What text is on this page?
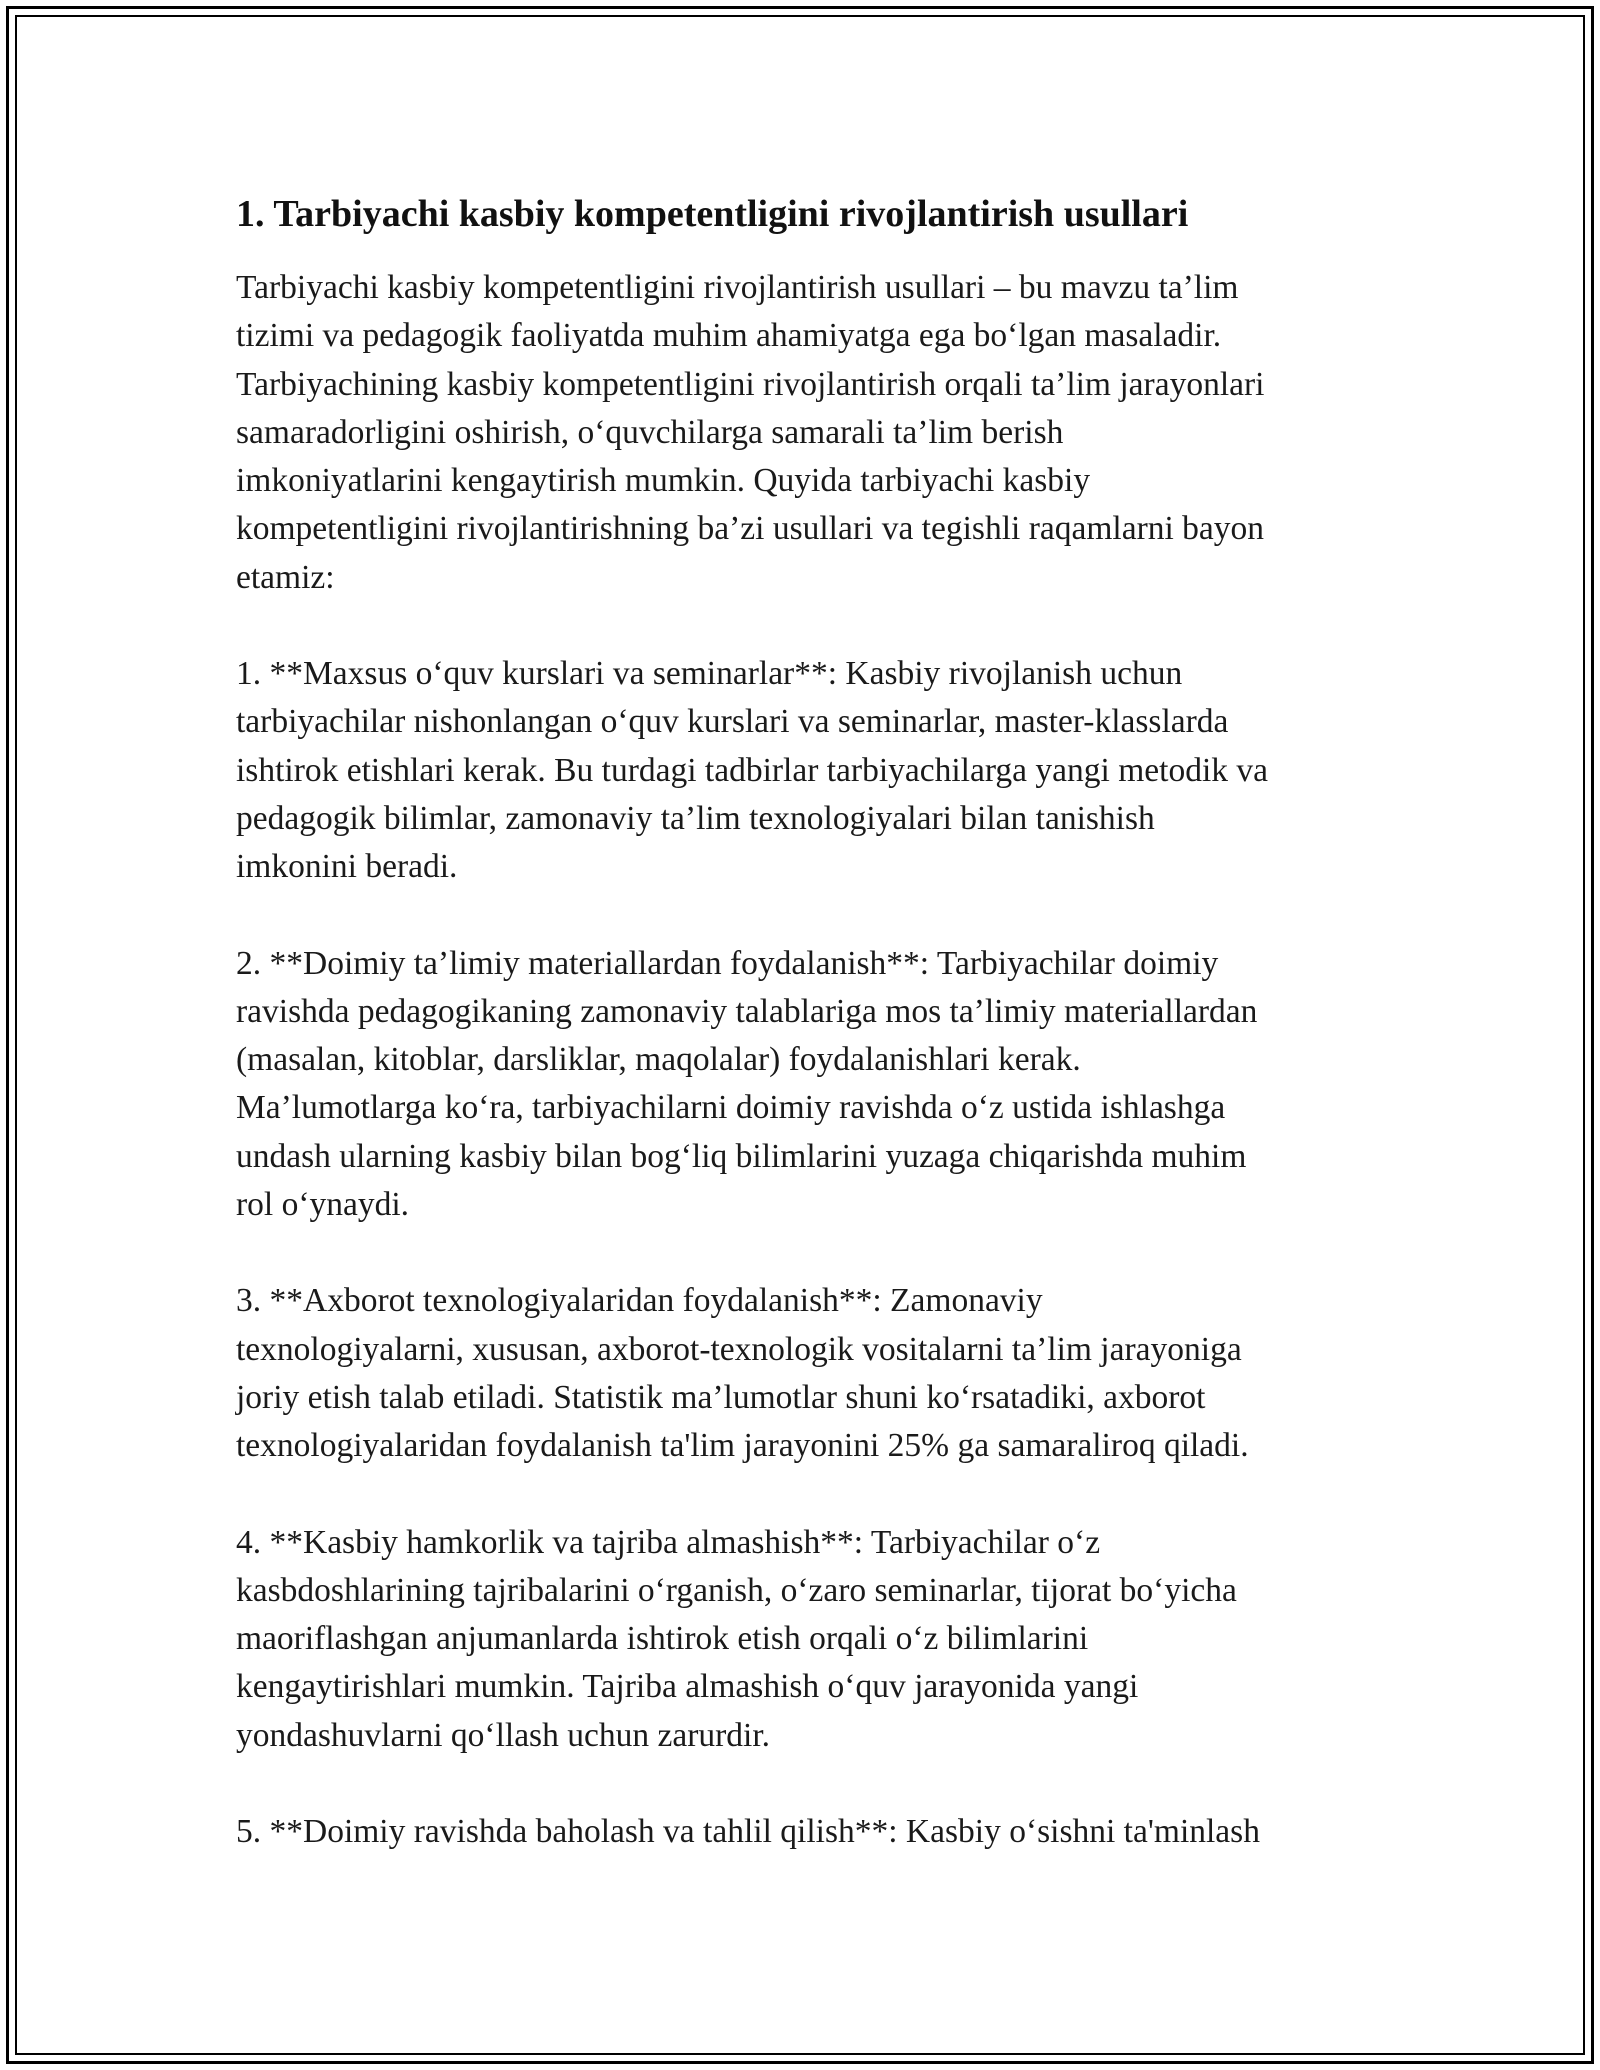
1. Tarbiyachi kasbiy kompetentligini rivojlantirish usullari

Tarbiyachi kasbiy kompetentligini rivojlantirish usullari – bu mavzu ta’lim
tizimi va pedagogik faoliyatda muhim ahamiyatga ega bo‘lgan masaladir.
Tarbiyachining kasbiy kompetentligini rivojlantirish orqali ta’lim jarayonlari
samaradorligini oshirish, o‘quvchilarga samarali ta’lim berish
imkoniyatlarini kengaytirish mumkin. Quyida tarbiyachi kasbiy
kompetentligini rivojlantirishning ba’zi usullari va tegishli raqamlarni bayon
etamiz:

1. **Maxsus o‘quv kurslari va seminarlar**: Kasbiy rivojlanish uchun
tarbiyachilar nishonlangan o‘quv kurslari va seminarlar, master-klasslarda
ishtirok etishlari kerak. Bu turdagi tadbirlar tarbiyachilarga yangi metodik va
pedagogik bilimlar, zamonaviy ta’lim texnologiyalari bilan tanishish
imkonini beradi.

2. **Doimiy ta’limiy materiallardan foydalanish**: Tarbiyachilar doimiy
ravishda pedagogikaning zamonaviy talablariga mos ta’limiy materiallardan
(masalan, kitoblar, darsliklar, maqolalar) foydalanishlari kerak.
Ma’lumotlarga ko‘ra, tarbiyachilarni doimiy ravishda o‘z ustida ishlashga
undash ularning kasbiy bilan bog‘liq bilimlarini yuzaga chiqarishda muhim
rol o‘ynaydi.

3. **Axborot texnologiyalaridan foydalanish**: Zamonaviy
texnologiyalarni, xususan, axborot-texnologik vositalarni ta’lim jarayoniga
joriy etish talab etiladi. Statistik ma’lumotlar shuni ko‘rsatadiki, axborot
texnologiyalaridan foydalanish ta'lim jarayonini 25% ga samaraliroq qiladi.

4. **Kasbiy hamkorlik va tajriba almashish**: Tarbiyachilar o‘z
kasbdoshlarining tajribalarini o‘rganish, o‘zaro seminarlar, tijorat bo‘yicha
maoriflashgan anjumanlarda ishtirok etish orqali o‘z bilimlarini
kengaytirishlari mumkin. Tajriba almashish o‘quv jarayonida yangi
yondashuvlarni qo‘llash uchun zarurdir.

5. **Doimiy ravishda baholash va tahlil qilish**: Kasbiy o‘sishni ta'minlash
